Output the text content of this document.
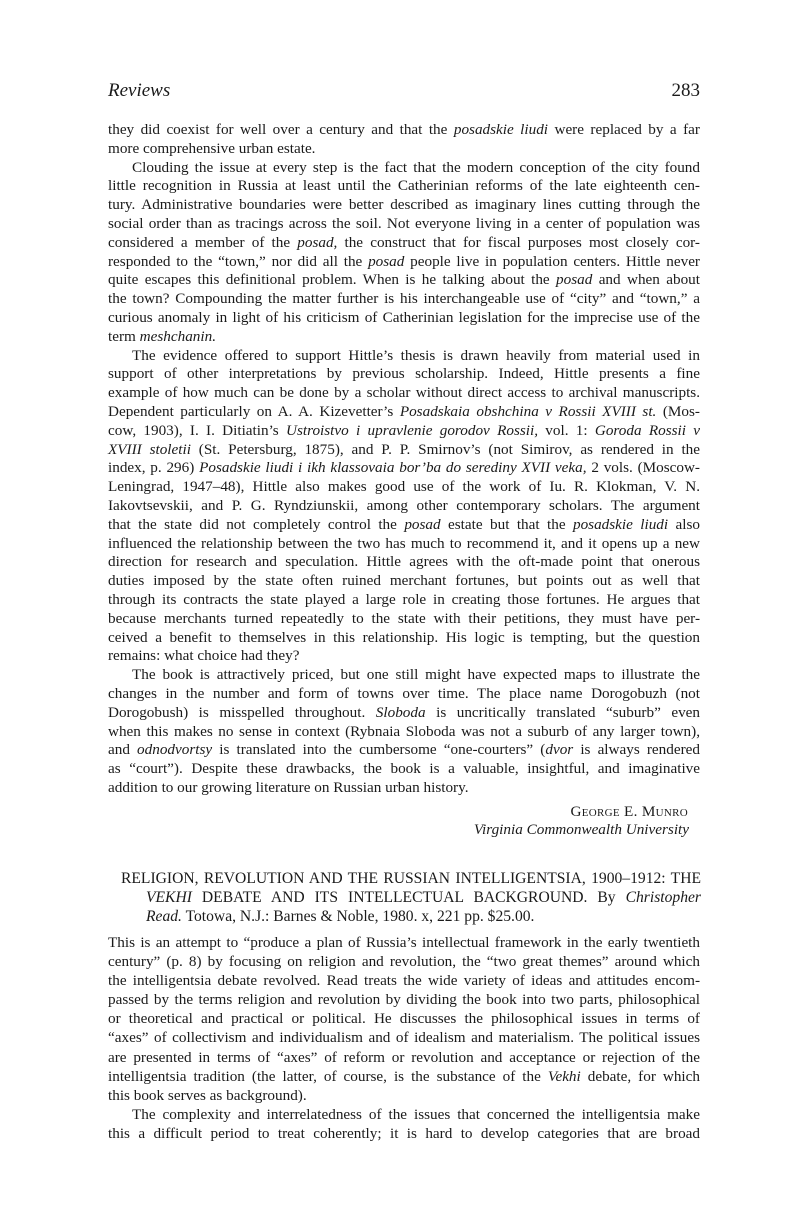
Reviews	283
they did coexist for well over a century and that the posadskie liudi were replaced by a far
more comprehensive urban estate.
Clouding the issue at every step is the fact that the modern conception of the city found
little recognition in Russia at least until the Catherinian reforms of the late eighteenth cen-
tury. Administrative boundaries were better described as imaginary lines cutting through the
social order than as tracings across the soil. Not everyone living in a center of population was
considered a member of the posad, the construct that for fiscal purposes most closely cor-
responded to the “town,” nor did all the posad people live in population centers. Hittle never
quite escapes this definitional problem. When is he talking about the posad and when about
the town? Compounding the matter further is his interchangeable use of “city” and “town,” a
curious anomaly in light of his criticism of Catherinian legislation for the imprecise use of the
term meshchanin.
The evidence offered to support Hittle’s thesis is drawn heavily from material used in
support of other interpretations by previous scholarship. Indeed, Hittle presents a fine
example of how much can be done by a scholar without direct access to archival manuscripts.
Dependent particularly on A. A. Kizevetter’s Posadskaia obshchina v Rossii XVIII st. (Mos-
cow, 1903), I. I. Ditiatin’s Ustroistvo i upravlenie gorodov Rossii, vol. 1: Goroda Rossii v
XVIII stoletii (St. Petersburg, 1875), and P. P. Smirnov’s (not Simirov, as rendered in the
index, p. 296) Posadskie liudi i ikh klassovaia bor’ba do serediny XVII veka, 2 vols. (Moscow-
Leningrad, 1947–48), Hittle also makes good use of the work of Iu. R. Klokman, V. N.
Iakovtsevskii, and P. G. Ryndziunskii, among other contemporary scholars. The argument
that the state did not completely control the posad estate but that the posadskie liudi also
influenced the relationship between the two has much to recommend it, and it opens up a new
direction for research and speculation. Hittle agrees with the oft-made point that onerous
duties imposed by the state often ruined merchant fortunes, but points out as well that
through its contracts the state played a large role in creating those fortunes. He argues that
because merchants turned repeatedly to the state with their petitions, they must have per-
ceived a benefit to themselves in this relationship. His logic is tempting, but the question
remains: what choice had they?
The book is attractively priced, but one still might have expected maps to illustrate the
changes in the number and form of towns over time. The place name Dorogobuzh (not
Dorogobush) is misspelled throughout. Sloboda is uncritically translated “suburb” even
when this makes no sense in context (Rybnaia Sloboda was not a suburb of any larger town),
and odnodvortsy is translated into the cumbersome “one-courters” (dvor is always rendered
as “court”). Despite these drawbacks, the book is a valuable, insightful, and imaginative
addition to our growing literature on Russian urban history.
George E. Munro
Virginia Commonwealth University
RELIGION, REVOLUTION AND THE RUSSIAN INTELLIGENTSIA, 1900–1912: THE
VEKHI DEBATE AND ITS INTELLECTUAL BACKGROUND. By Christopher
Read. Totowa, N.J.: Barnes & Noble, 1980. x, 221 pp. $25.00.
This is an attempt to “produce a plan of Russia’s intellectual framework in the early twentieth
century” (p. 8) by focusing on religion and revolution, the “two great themes” around which
the intelligentsia debate revolved. Read treats the wide variety of ideas and attitudes encom-
passed by the terms religion and revolution by dividing the book into two parts, philosophical
or theoretical and practical or political. He discusses the philosophical issues in terms of
“axes” of collectivism and individualism and of idealism and materialism. The political issues
are presented in terms of “axes” of reform or revolution and acceptance or rejection of the
intelligentsia tradition (the latter, of course, is the substance of the Vekhi debate, for which
this book serves as background).
The complexity and interrelatedness of the issues that concerned the intelligentsia make
this a difficult period to treat coherently; it is hard to develop categories that are broad
